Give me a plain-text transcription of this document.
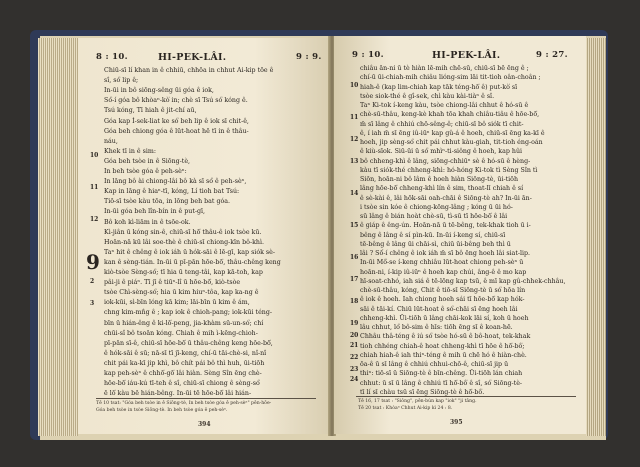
8 : 10.	HI-PEK-LÂI.	9 : 9.
Chiū-sī lí khan in ê chhiū, chhōa in chhut Ai-kip tōe ê
sî, só͘ lip ê;
In-ūi in bô siōng-sêng ūi góa ê iok,
Só͘-í góa bô khòaⁿ-kò͘ in; chè sī Tsú só͘ kóng ê.
Tsú kóng, Tī hiah ê jit-chí aū,
Góa kap Í-sek-liat ke só͘ beh lip ê iok sī chit-ê,
Góa beh chiong góa ê lūt-hoat hē tī in ê thâu-
náu,
Khek tī in ê sim:
Góa beh tsòe in ê Siōng-tè,
In beh tsòe góa ê peh-sèⁿ:
In lāng bô ài chiong-lâi bô kà sī só͘ ê peh-sèⁿ,
Kap in lāng ê hiaⁿ-tī, kóng, Lí tioh bat Tsú:
Tiō-sī tsòe kàu tōa, in lōng beh bat góa.
In-ūi góa beh lîn-bín in ê put-gī,
Bô koh kì-liām in ê tsōe-ok.
Kì-jiân ū kóng sin-ê, chiū-sī hō͘ thâu-ê iok tsòe kū.
Hoān-nā kū lâi soe-thè ê chiū-sī chiong-kīn bô-khì.
Taⁿ hit ê chêng ê iok iáh ū hók-sāi ê lē-gī, kap siók sè-
kan ê sèng-tián. In-ūi ū pī-pān hōe-bō͘, thâu-chêng keng
kiò-tsòe Sèng-só͘; tī hia ū teng-tâi, kap kā-toh, kap
pâi-ji ê piáⁿ. Tī jī ê tiūⁿ-lî ū hōe-bō͘, kiò-tsòe
tsòe Chì-sèng-só͘; hia ū kim hiuⁿ-tôa, kap ka-ng ê
iok-kūi, sì-bīn lóng kā kim; lāi-bīn ū kim ê ám,
chng kim-mn̂g ê ; kap iok ê chioh-pang; iok-kūi téng-
bīn ū hián-êng ê ki-lō͘-peng, jia-khàm sū-un-só͘; chí
chūi-sî bô tsoān kóng. Chiah ê mih ì-kēng-chioh-
pī-pān sī-ê, chiū-sī hōe-bō͘ ū thâu-chêng keng hōe-bō͘,
ê hók-sāi ê sū; nā-sī tī jī-keng, chí-ū tāi-chè-si, nî-nî
chit pái ka-kī jip khì, bô chít pái bô thì huh, ūi-tiōh
kap peh-sèⁿ ê chhō͘-gō͘ lâi hiàn. Sèng Sîn ēng chè-
hōe-bō͘ iáu-kú tī-teh ê sî, chiū-sī chiong ê sèng-só͘
ē lō͘ kàu bē hián-bêng. In-ūi tē hōe-bō͘ lâi hián-
10
11
12
9
2
3
Tē 10 tsat: "Góa beh tsòe in ê Siōng-tè, In beh tsòe góa ê peh-sèⁿ" pēn-hōe-
Góa beh tsòe in tsòe Siōng-tè. In beh tsòe góa ê peh-sèⁿ.
394
9 : 10.	HI-PEK-LÂI.	9 : 27.
chiâu ān-ni ū tè hiàn lē-mih chē-sū, chiū-sī bē ēng ê ;
chí-ū ūi-chiah-mih chiâu lióng-sim lāi tit-tioh oân-choân ;
hiah-ê (kap lim-chiah kap tāk téng-hō͘ ê) put-kò͘ sī
tsòe siok-thé ê gî-sek, chì kàu kài-tiàⁿ ê sî.
Taⁿ Ki-tok í-keng kàu, tsòe chiong-lâi chhut ê hó-sū ê
chè-sū-thâu, keng-kè khah tōa khah chiâu-tiâu ê hōe-bō͘,
m̄ sī lâng ê chhiú chō-sêng-ê; chiū-sī bô siók tī chit-
ê, í iah m̄ sī ēng iû-iūⁿ kap gû-á ê hoeh, chiū-sī ēng ka-kī ê
hoeh, jip sèng-só͘ chit pái chhut kàu-giah, tit-tioh éng-oán
ê kiù-sīok. Siū-ūi ū só͘ mhìⁿ-ti-siông ê hoeh, kap hûi
bô chheng-khì ê lâng, siōng-chhiūⁿ sè ê hó-sū ê hèng-
kàu tī siók-thé chheng-khì: hó-hóng Ki-tok tì Sèng Sîn tì
Siōn, hoān-ni bô lâm ê hoeh hiàn Siōng-tè, ūi-tiōh
lâng hōe-bō͘ chheng-khì lín ê sim, thoat-lī chiah ê sí
ê sè-kài ê, lâi hōk-sāi oah-chāi ê Siōng-tè ah? In-ūi ān-
i tsòe sin kóe ê chiong-kōng-lâng ; kóng ū ūi hó-
sū lâng ê bián hoàt chè-sū, tì-sū tī hōe-bō͘ ê lâi
ê giáp ê êng-ún. Hoān-nā ū tē-bêng, tek-khak tioh ū i-
bêng ê lâng ê sí pìn-kū. In-ūi í-keng sí, chiū-sī
tē-bêng ê lâng ūi chāi-sì, chiū ūi-bêng beh thì ū
lâi ? Số-í chêng ê iok iáh m̄ sī bô ēng hoeh lâi siat-lip.
In-ūi Mô͘-se í-keng chhiâu lūt-hoat chiong peh-sèⁿ ū
hoān-ni, í-kip iû-iūⁿ ê hoeh kap chúi, âng-ê ê mo kap
hī-soat-chhó, iah siá ê tē-lōng kap tsū, ê mī kap gû-chhek-chhâu,
chè-sū-thâu, kóng, Chit ê tiō-sī Siōng-tè ū só͘ hōa lín
ê iok ê hoeh. Iah chiong hoeh sái tī hōe-bō͘ kap hók-
sāi ê tāi-kí. Chiū lūt-hoat ê só͘-chāi sī ēng hoeh lâi
chheng-khì. Ūi-tiōh ū lâng chāi-kok lāi sí, koh ū hoeh
lâu chhut, ló͘ bô-sim ê hīs: tiōh ēng sī ê koan-hē.
Chhâu thâ-téng ê iú só͘ tsòe hó-sū ê bô-hoat, tek-khak
tioh chhéng chiah-ê hoat chheng-khì tī hōe ê hō͘-bô͘;
chiah hiah-ê iah thiⁿ-téng ê mih ū chē hó ê hiàn-chè.
ōa-ê ū sī lâng ê chhiú chhui-chō-ê, chiū-sī jip ū
thiⁿ: tiō-sī ū Siōng-tè ê bīn-chêng. Ūi-tiōh lán chiah
chhut: ū sī ū lâng ê chhiú tī hō͘-bô͘ ê sî, só͘ Siōng-tè-
tī lí sī chàu tsū sī ēng Siōng-tè ê hō͘-bô͘.
10
11
12
13
14
15
16
17
18
19
20
21
22
23
24
Tē 16, 17 tsat : "Siông", pēn-bún kap "iok" "ji tāng.
Tē 20 tsat : Khòaⁿ Chhut Ai-kip kì 24 : 8.
395
